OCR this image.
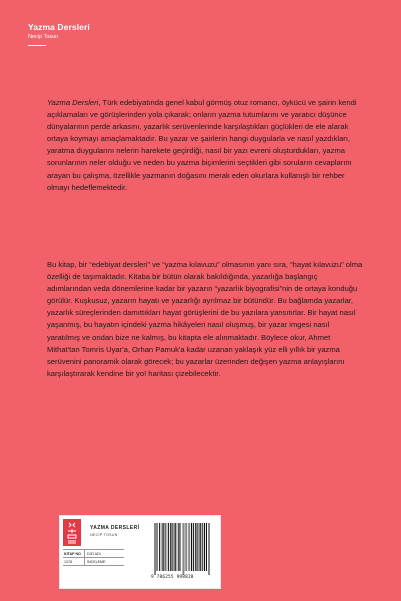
Yazma Dersleri
Necip Tosun

Yazma Dersleri, Türk edebiyatında genel kabul görmüş otuz romancı, öykücü ve şairin kendi açıklamaları ve görüşlerinden yola çıkarak; onların yazma tutumlarını ve yaratıcı düşünce dünyalarının perde arkasını, yazarlık serüvenlerinde karşılaştıkları güçlükleri de ele alarak ortaya koymayı amaçlamaktadır. Bu yazar ve şairlerin hangi duygularla ve nasıl yazdıkları, yaratma duygularını nelerin harekete geçirdiği, nasıl bir yazı evreni oluşturdukları, yazma sorunlarının neler olduğu ve neden bu yazma biçimlerini seçtikleri gibi soruların cevaplarını arayan bu çalışma, özellikle yazmanın doğasını merak eden okurlara kullanışlı bir rehber olmayı hedeflemektedir.

Bu kitap, bir “edebiyat dersleri” ve “yazma kılavuzu” olmasının yanı sıra, “hayat kılavuzu” olma özelliği de taşımaktadır. Kitaba bir bütün olarak bakıldığında, yazarlığa başlangıç adımlarından veda dönemlerine kadar bir yazarın “yazarlık biyografisi”nin de ortaya konduğu görülür. Kuşkusuz, yazarın hayatı ve yazarlığı ayrılmaz bir bütündür. Bu bağlamda yazarlar, yazarlık süreçlerinden damıttıkları hayat görüşlerini de bu yazılara yansıtırlar. Bir hayat nasıl yaşanmış, bu hayatın içindeki yazma hikâyeleri nasıl oluşmuş, bir yazar imgesi nasıl yaratılmış ve ondan bize ne kalmış, bu kitapta ele alınmaktadır. Böylece okur, Ahmet Mithat'tan Tomris Uyar'a, Orhan Pamuk'a kadar uzanan yaklaşık yüz elli yıllık bir yazma serüvenini panoramik olarak görecek; bu yazarlar üzerinden değişen yazma anlayışlarını karşılaştırarak kendine bir yo! haritası çizebilecektir.

YAZMA DERSLERİ
NECİP TOSUN
KİTAP NO	DİZİ ADI
1378	İNCELEME
9 786255 998828
